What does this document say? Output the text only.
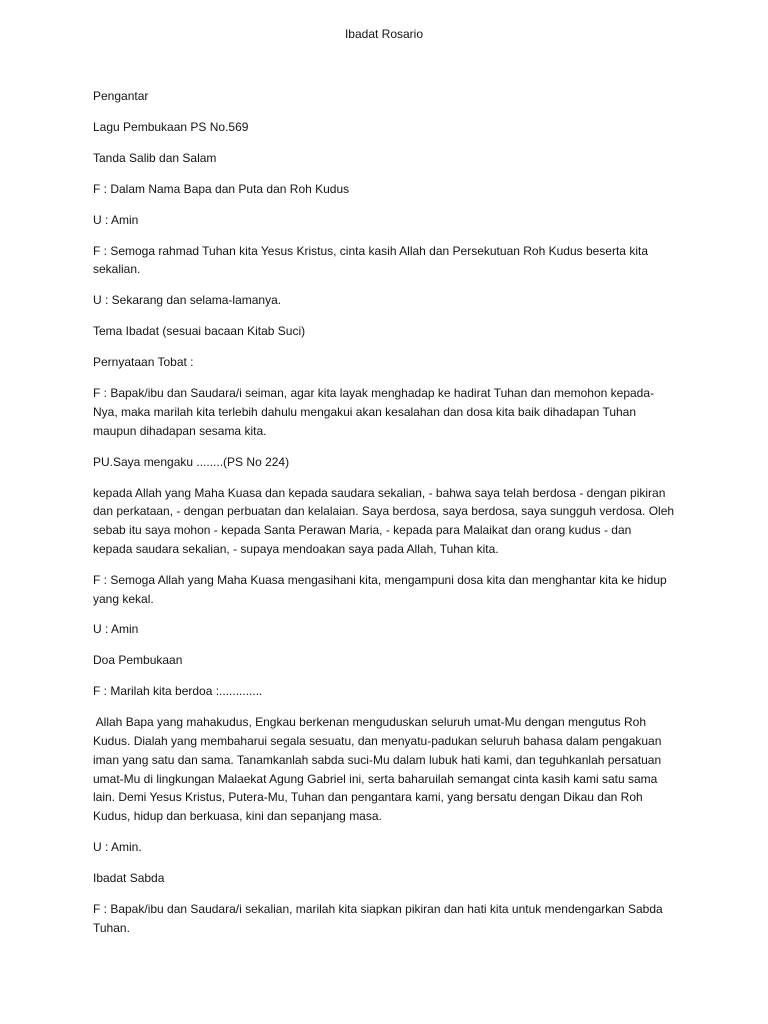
Ibadat Rosario
Pengantar
Lagu Pembukaan PS No.569
Tanda Salib dan Salam
F : Dalam Nama Bapa dan Puta dan Roh Kudus
U : Amin
F : Semoga rahmad Tuhan kita Yesus Kristus, cinta kasih Allah dan Persekutuan Roh Kudus beserta kita
sekalian.
U : Sekarang dan selama-lamanya.
Tema Ibadat (sesuai bacaan Kitab Suci)
Pernyataan Tobat :
F : Bapak/ibu dan Saudara/i seiman, agar kita layak menghadap ke hadirat Tuhan dan memohon kepada-
Nya, maka marilah kita terlebih dahulu mengakui akan kesalahan dan dosa kita baik dihadapan Tuhan
maupun dihadapan sesama kita.
PU.Saya mengaku ........(PS No 224)
kepada Allah yang Maha Kuasa dan kepada saudara sekalian, - bahwa saya telah berdosa - dengan pikiran
dan perkataan, - dengan perbuatan dan kelalaian. Saya berdosa, saya berdosa, saya sungguh verdosa. Oleh
sebab itu saya mohon - kepada Santa Perawan Maria, - kepada para Malaikat dan orang kudus - dan
kepada saudara sekalian, - supaya mendoakan saya pada Allah, Tuhan kita.
F : Semoga Allah yang Maha Kuasa mengasihani kita, mengampuni dosa kita dan menghantar kita ke hidup
yang kekal.
U : Amin
Doa Pembukaan
F : Marilah kita berdoa :.............
Allah Bapa yang mahakudus, Engkau berkenan menguduskan seluruh umat-Mu dengan mengutus Roh
Kudus. Dialah yang membaharui segala sesuatu, dan menyatu-padukan seluruh bahasa dalam pengakuan
iman yang satu dan sama. Tanamkanlah sabda suci-Mu dalam lubuk hati kami, dan teguhkanlah persatuan
umat-Mu di lingkungan Malaekat Agung Gabriel ini, serta baharuilah semangat cinta kasih kami satu sama
lain. Demi Yesus Kristus, Putera-Mu, Tuhan dan pengantara kami, yang bersatu dengan Dikau dan Roh
Kudus, hidup dan berkuasa, kini dan sepanjang masa.
U : Amin.
Ibadat Sabda
F : Bapak/ibu dan Saudara/i sekalian, marilah kita siapkan pikiran dan hati kita untuk mendengarkan Sabda
Tuhan.
